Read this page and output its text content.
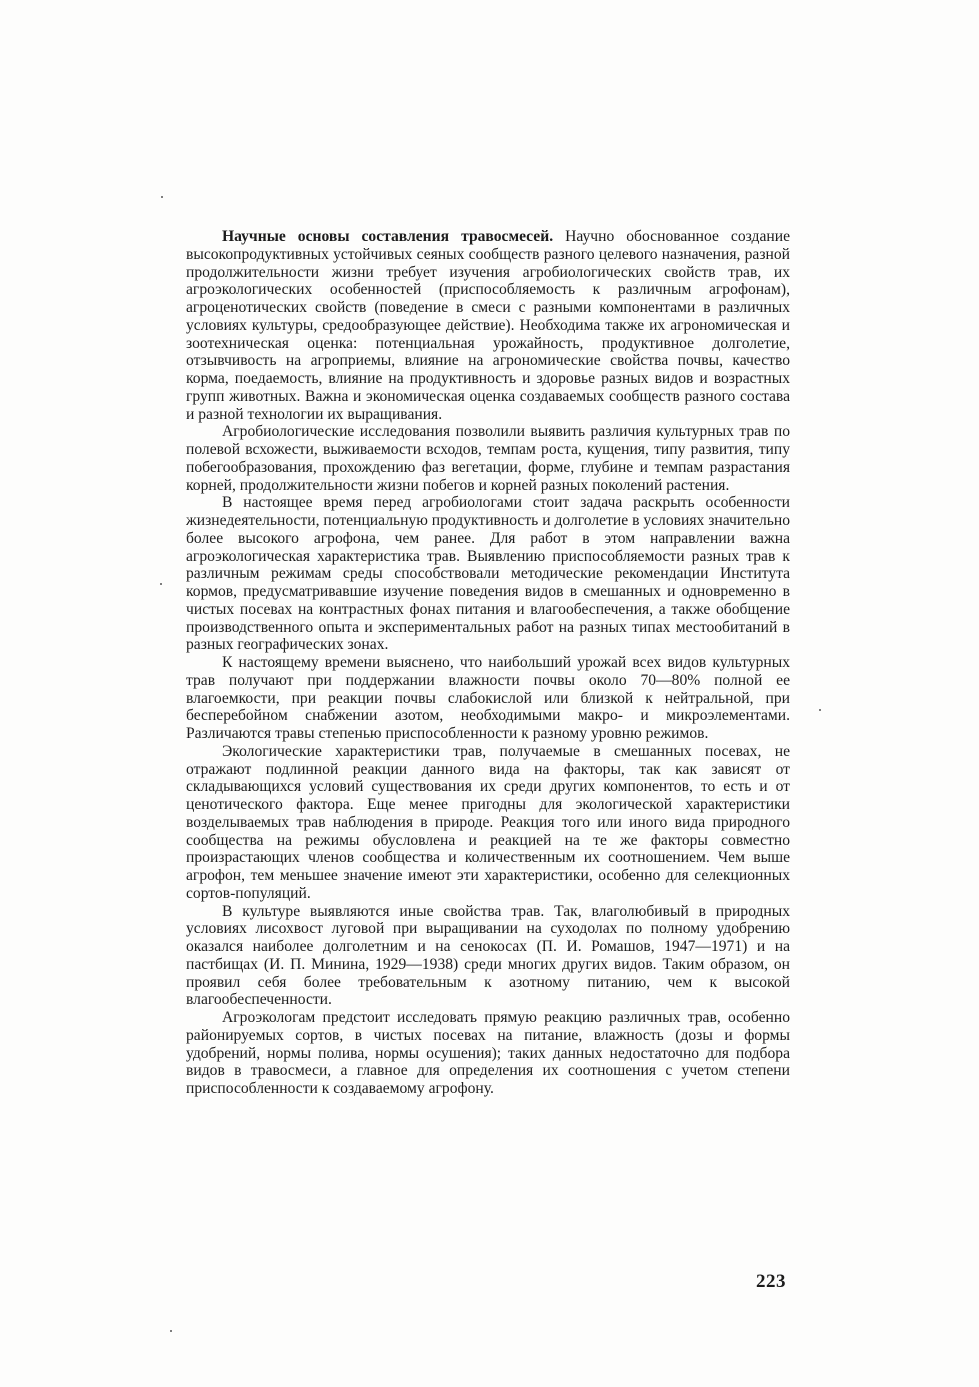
Научные основы составления травосмесей. Научно обоснованное создание высокопродуктивных устойчивых сеяных сообществ разного целевого назначения, разной продолжительности жизни требует изучения агробиологических свойств трав, их агроэкологических особенностей (приспособляемость к различным агрофонам), агроценотических свойств (поведение в смеси с разными компонентами в различных условиях культуры, средообразующее действие). Необходима также их агрономическая и зоотехническая оценка: потенциальная урожайность, продуктивное долголетие, отзывчивость на агроприемы, влияние на агрономические свойства почвы, качество корма, поедаемость, влияние на продуктивность и здоровье разных видов и возрастных групп животных. Важна и экономическая оценка создаваемых сообществ разного состава и разной технологии их выращивания.

Агробиологические исследования позволили выявить различия культурных трав по полевой всхожести, выживаемости всходов, темпам роста, кущения, типу развития, типу побегообразования, прохождению фаз вегетации, форме, глубине и темпам разрастания корней, продолжительности жизни побегов и корней разных поколений растения.

В настоящее время перед агробиологами стоит задача раскрыть особенности жизнедеятельности, потенциальную продуктивность и долголетие в условиях значительно более высокого агрофона, чем ранее. Для работ в этом направлении важна агроэкологическая характеристика трав. Выявлению приспособляемости разных трав к различным режимам среды способствовали методические рекомендации Института кормов, предусматривавшие изучение поведения видов в смешанных и одновременно в чистых посевах на контрастных фонах питания и влагообеспечения, а также обобщение производственного опыта и экспериментальных работ на разных типах местообитаний в разных географических зонах.

К настоящему времени выяснено, что наибольший урожай всех видов культурных трав получают при поддержании влажности почвы около 70—80% полной ее влагоемкости, при реакции почвы слабокислой или близкой к нейтральной, при бесперебойном снабжении азотом, необходимыми макро- и микроэлементами. Различаются травы степенью приспособленности к разному уровню режимов.

Экологические характеристики трав, получаемые в смешанных посевах, не отражают подлинной реакции данного вида на факторы, так как зависят от складывающихся условий существования их среди других компонентов, то есть и от ценотического фактора. Еще менее пригодны для экологической характеристики возделываемых трав наблюдения в природе. Реакция того или иного вида природного сообщества на режимы обусловлена и реакцией на те же факторы совместно произрастающих членов сообщества и количественным их соотношением. Чем выше агрофон, тем меньшее значение имеют эти характеристики, особенно для селекционных сортов-популяций.

В культуре выявляются иные свойства трав. Так, влаголюбивый в природных условиях лисохвост луговой при выращивании на суходолах по полному удобрению оказался наиболее долголетним и на сенокосах (П. И. Ромашов, 1947—1971) и на пастбищах (И. П. Минина, 1929—1938) среди многих других видов. Таким образом, он проявил себя более требовательным к азотному питанию, чем к высокой влагообеспеченности.

Агроэкологам предстоит исследовать прямую реакцию различных трав, особенно районируемых сортов, в чистых посевах на питание, влажность (дозы и формы удобрений, нормы полива, нормы осушения); таких данных недостаточно для подбора видов в травосмеси, а главное для определения их соотношения с учетом степени приспособленности к создаваемому агрофону.

223
